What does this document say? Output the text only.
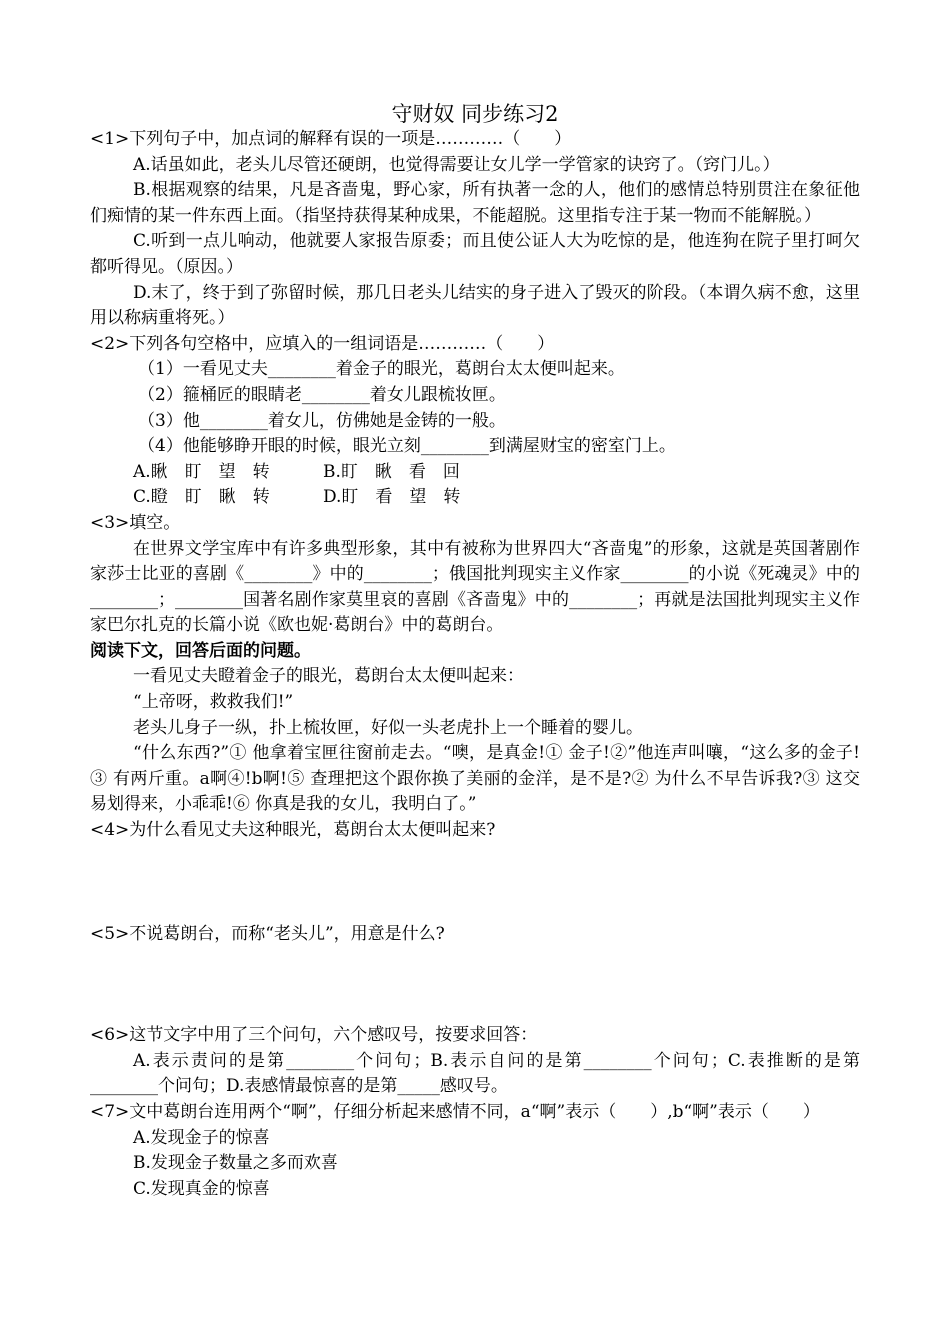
守财奴 同步练习2

<1>下列句子中，加点词的解释有误的一项是…………（　　）

A.话虽如此，老头儿尽管还硬朗，也觉得需要让女儿学一学管家的诀窍了。（窍门儿。）

B.根据观察的结果，凡是吝啬鬼，野心家，所有执著一念的人，他们的感情总特别贯注在象征他们痴情的某一件东西上面。（指坚持获得某种成果，不能超脱。这里指专注于某一物而不能解脱。）

C.听到一点儿响动，他就要人家报告原委；而且使公证人大为吃惊的是，他连狗在院子里打呵欠都听得见。（原因。）

D.末了，终于到了弥留时候，那几日老头儿结实的身子进入了毁灭的阶段。（本谓久病不愈，这里用以称病重将死。）

<2>下列各句空格中，应填入的一组词语是…………（　　）

（1）一看见丈夫________着金子的眼光，葛朗台太太便叫起来。

（2）箍桶匠的眼睛老________着女儿跟梳妆匣。

（3）他________着女儿，仿佛她是金铸的一般。

（4）他能够睁开眼的时候，眼光立刻________到满屋财宝的密室门上。

A.瞅　盯　望　转	B.盯　瞅　看　回

C.瞪　盯　瞅　转	D.盯　看　望　转

<3>填空。

在世界文学宝库中有许多典型形象，其中有被称为世界四大“吝啬鬼”的形象，这就是英国著剧作家莎士比亚的喜剧《________》中的________；俄国批判现实主义作家________的小说《死魂灵》中的________；________国著名剧作家莫里哀的喜剧《吝啬鬼》中的________；再就是法国批判现实主义作家巴尔扎克的长篇小说《欧也妮·葛朗台》中的葛朗台。

阅读下文，回答后面的问题。

一看见丈夫瞪着金子的眼光，葛朗台太太便叫起来：

“上帝呀，救救我们!”

老头儿身子一纵，扑上梳妆匣，好似一头老虎扑上一个睡着的婴儿。

“什么东西?”① 他拿着宝匣往窗前走去。“噢，是真金!① 金子!②”他连声叫嚷，“这么多的金子!③ 有两斤重。a啊④!b啊!⑤ 查理把这个跟你换了美丽的金洋，是不是?② 为什么不早告诉我?③ 这交易划得来，小乖乖!⑥ 你真是我的女儿，我明白了。”

<4>为什么看见丈夫这种眼光，葛朗台太太便叫起来?

<5>不说葛朗台，而称“老头儿”，用意是什么?

<6>这节文字中用了三个问句，六个感叹号，按要求回答：

A.表示责问的是第________个问句；B.表示自问的是第________个问句；C.表推断的是第________个问句；D.表感情最惊喜的是第_____感叹号。

<7>文中葛朗台连用两个“啊”，仔细分析起来感情不同，a“啊”表示（　　）,b“啊”表示（　　）

A.发现金子的惊喜

B.发现金子数量之多而欢喜

C.发现真金的惊喜
